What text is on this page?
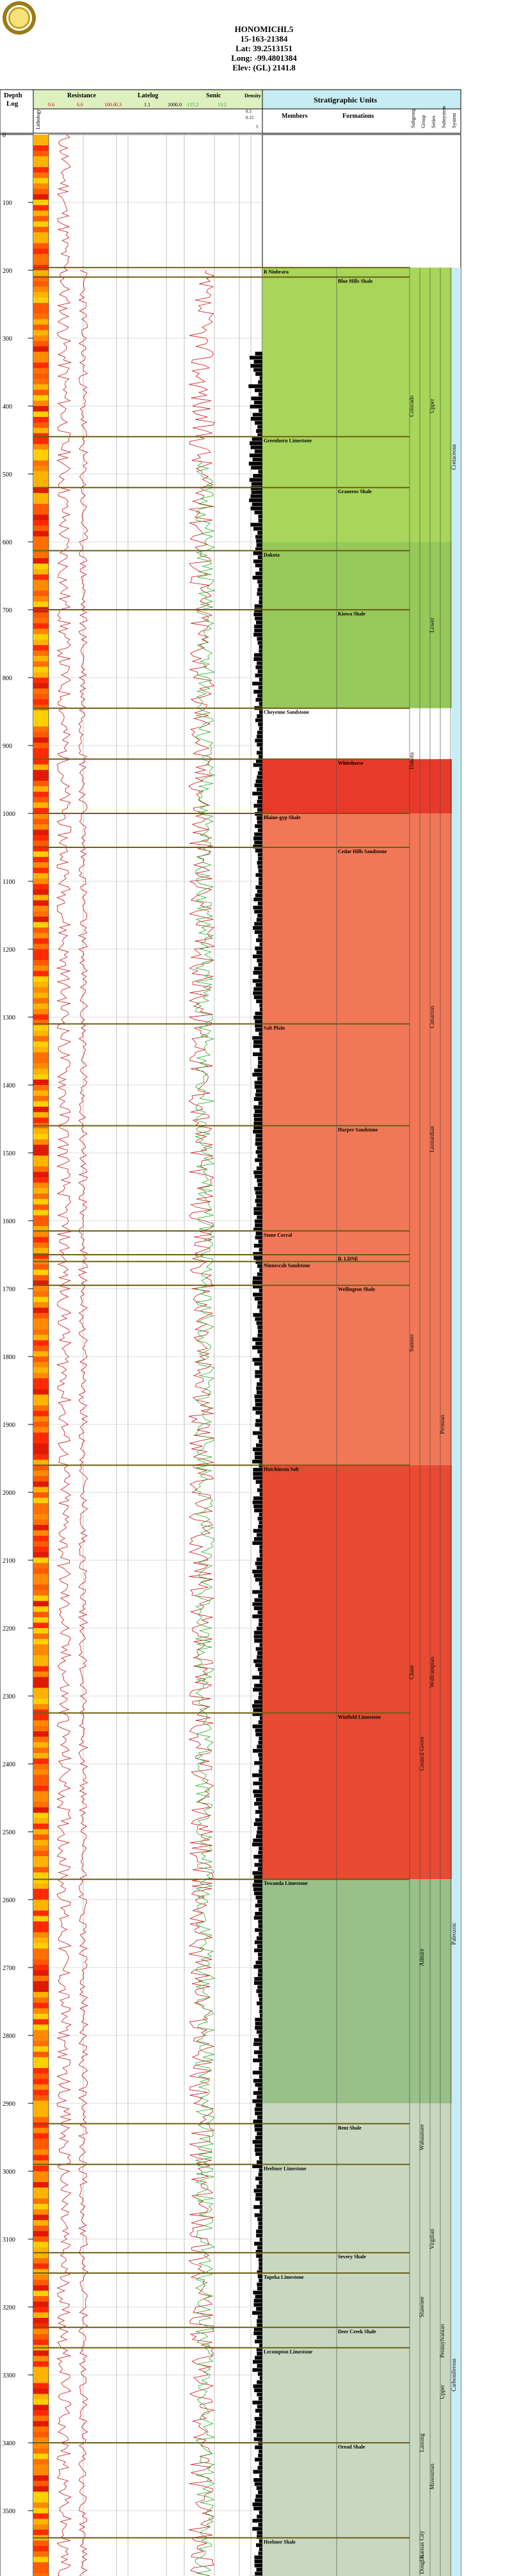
HONOMICHL5
15-163-21384
Lat: 39.2513151
Long: -99.4801384
Elev: (GL) 2141.8
Depth
Log
Lithology
Resistance
0.6	6.6	100.6 0.3
Latelog
1.1	1000.0
Sonic
-115.2	13.2
Density
0.3
0.15
5
Stratigraphic Units
Members	Formations	Subgroup Group Series Subsystem System
0
100
200
300
400
500
600
700
800
900
1000
1100
1200
1300
1400
1500
1600
1700
1800
1900
2000
2100
2200
2300
2400
2500
2600
2700
2800
2900
3000
3100
3200
3300
3400
3500
B Niobrara
Blue Hills Shale
Greenhorn Limestone
Graneros Shale
Dakota
Kiowa Shale
Cheyenne Sandstone
Whitehorse
Blaine-gyp Shale
Cedar Hills Sandstone
Salt Plain
Harper Sandstone
Stone Corral
B. LDNE
Ninnescah Sandstone
Wellington Shale
Hutchinson Salt
Winfield Limestone
Towanda Limestone
Bent Shale
Heebner Limestone
Severy Shale
Topeka Limestone
Deer Creek Shale
Lecompton Limestone
Oread Shale
Heebner Shale
Colorado Upper
Cretaceous
Lower
Dakota
Cimarron
Leonardian
Permian
Sumner
Chase Wolfcampian
Council Grove
Paleozoic
Admire
Wabaunsee
Virgilian
Shawnee
Upper
Pennsylvanian
Carboniferous
Lansing
Missourian
Kansas City
Douglas
